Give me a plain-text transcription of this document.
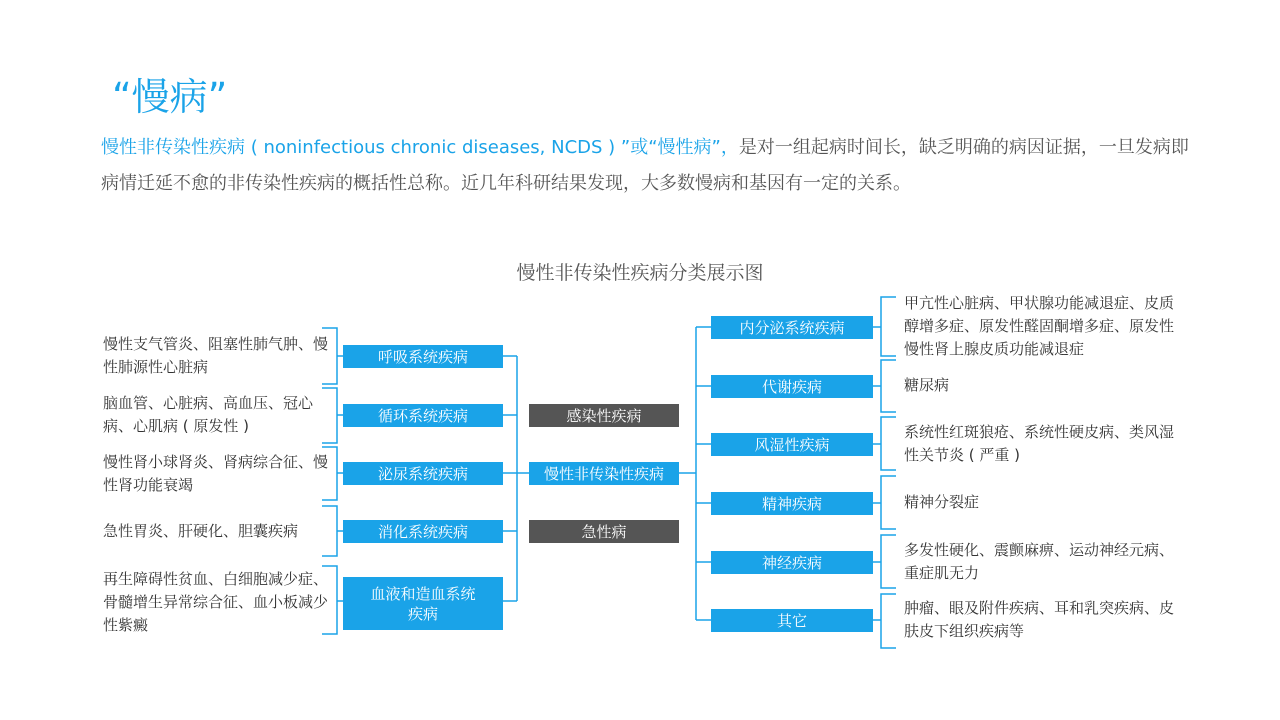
“慢病”

慢性非传染性疾病 ( noninfectious chronic diseases, NCDS ) ”或“慢性病”，是对一组起病时间长，缺乏明确的病因证据，一旦发病即病情迁延不愈的非传染性疾病的概括性总称。近几年科研结果发现，大多数慢病和基因有一定的关系。

慢性非传染性疾病分类展示图
呼吸系统疾病
循环系统疾病
泌尿系统疾病
消化系统疾病
血液和造血系统疾病
感染性疾病
慢性非传染性疾病
急性病
内分泌系统疾病
代谢疾病
风湿性疾病
精神疾病
神经疾病
其它
慢性支气管炎、阻塞性肺气肿、慢性肺源性心脏病
脑血管、心脏病、高血压、冠心病、心肌病 ( 原发性 )
慢性肾小球肾炎、肾病综合征、慢性肾功能衰竭
急性胃炎、肝硬化、胆囊疾病
再生障碍性贫血、白细胞减少症、骨髓增生异常综合征、血小板减少性紫癜
甲亢性心脏病、甲状腺功能减退症、皮质醇增多症、原发性醛固酮增多症、原发性慢性肾上腺皮质功能减退症
糖尿病
系统性红斑狼疮、系统性硬皮病、类风湿性关节炎 ( 严重 )
精神分裂症
多发性硬化、震颤麻痹、运动神经元病、重症肌无力
肿瘤、眼及附件疾病、耳和乳突疾病、皮肤皮下组织疾病等
